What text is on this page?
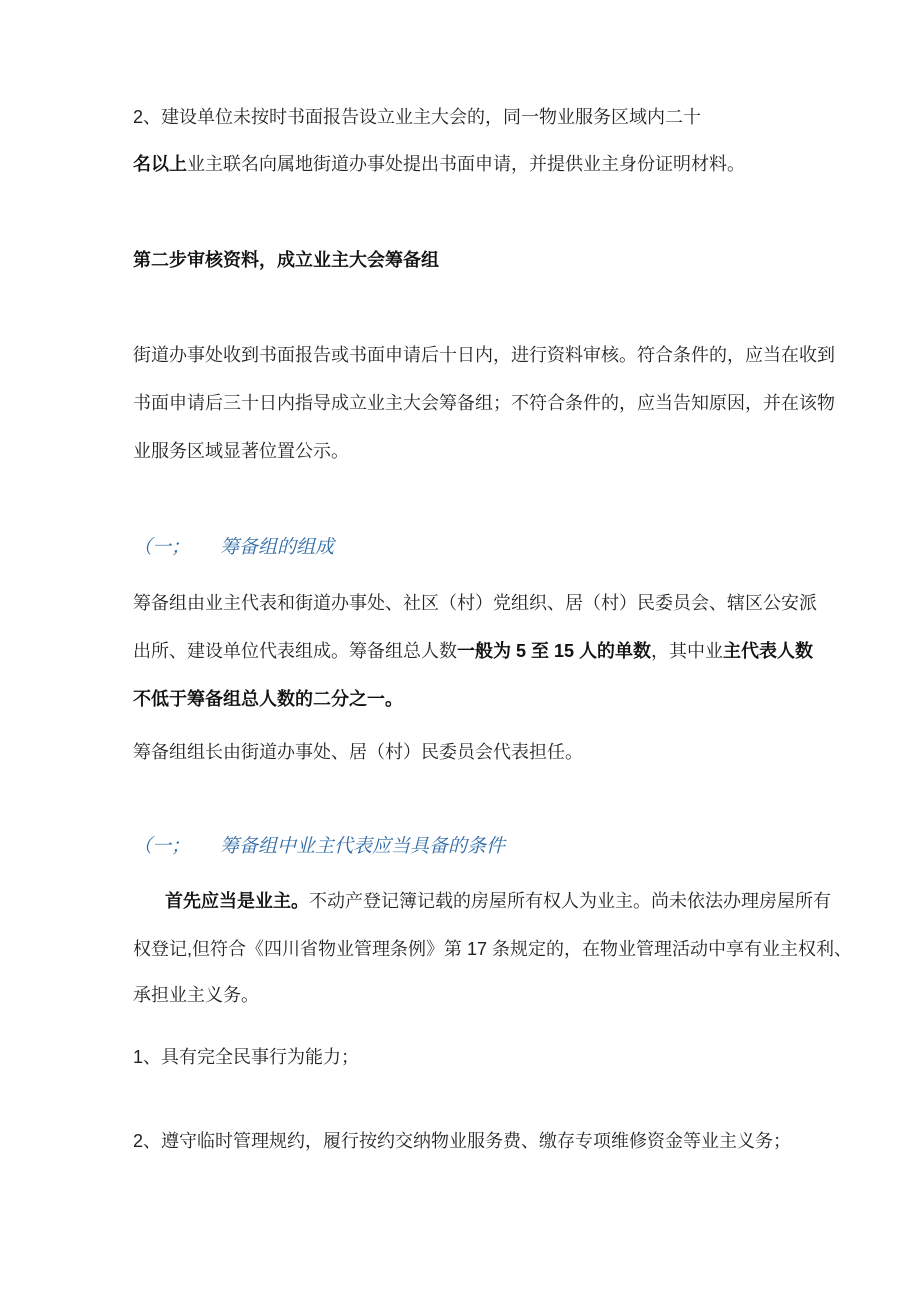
2、建设单位未按时书面报告设立业主大会的，同一物业服务区域内二十
名以上业主联名向属地街道办事处提出书面申请，并提供业主身份证明材料。
第二步审核资料，成立业主大会筹备组
街道办事处收到书面报告或书面申请后十日内，进行资料审核。符合条件的，应当在收到
书面申请后三十日内指导成立业主大会筹备组；不符合条件的，应当告知原因，并在该物
业服务区域显著位置公示。
（一； 筹备组的组成
筹备组由业主代表和街道办事处、社区（村）党组织、居（村）民委员会、辖区公安派
出所、建设单位代表组成。筹备组总人数一般为 5 至 15 人的单数，其中业主代表人数
不低于筹备组总人数的二分之一。
筹备组组长由街道办事处、居（村）民委员会代表担任。
（一； 筹备组中业主代表应当具备的条件
首先应当是业主。不动产登记簿记载的房屋所有权人为业主。尚未依法办理房屋所有
权登记,但符合《四川省物业管理条例》第 17 条规定的，在物业管理活动中享有业主权利、
承担业主义务。
1、具有完全民事行为能力；
2、遵守临时管理规约，履行按约交纳物业服务费、缴存专项维修资金等业主义务；
